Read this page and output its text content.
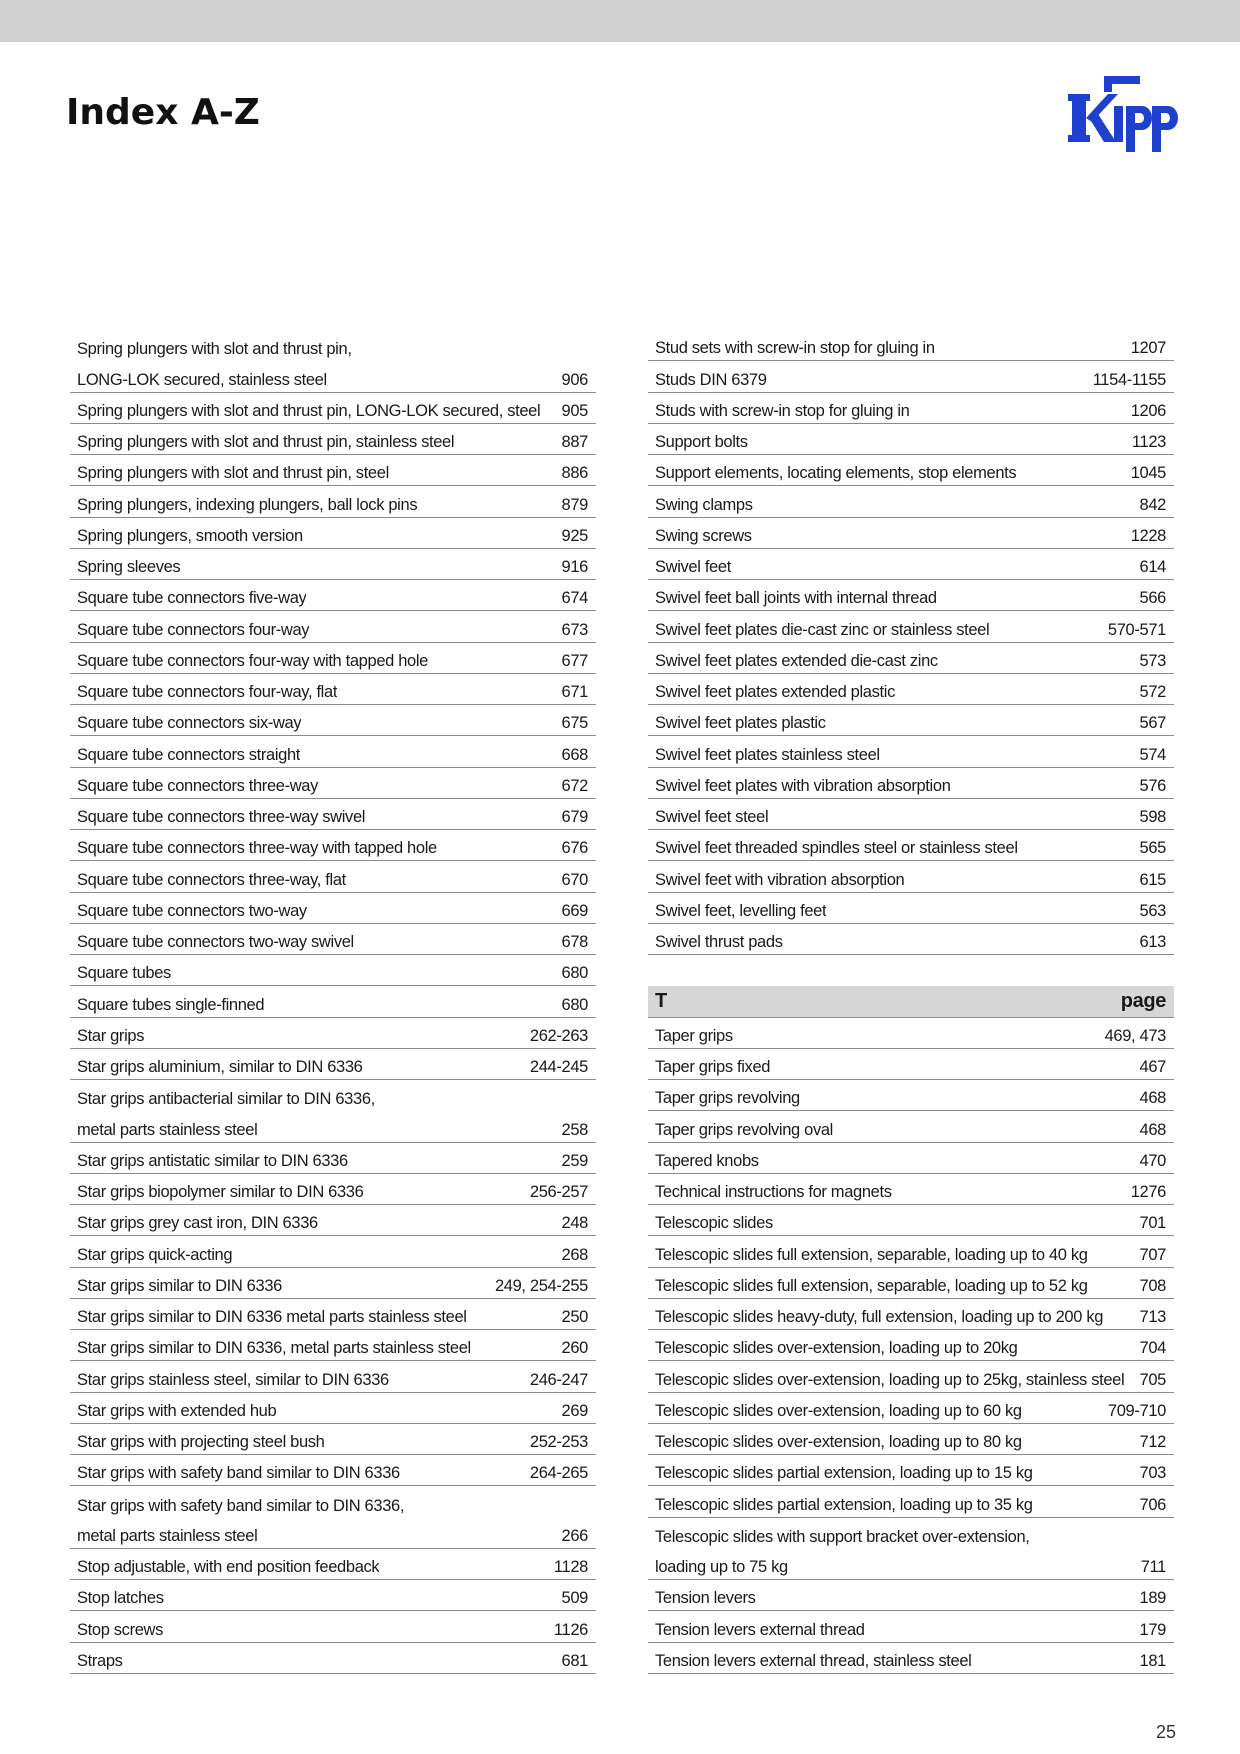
Index A-Z
Spring plungers with slot and thrust pin,
LONG-LOK secured, stainless steel	906
Spring plungers with slot and thrust pin, LONG-LOK secured, steel	905
Spring plungers with slot and thrust pin, stainless steel	887
Spring plungers with slot and thrust pin, steel	886
Spring plungers, indexing plungers, ball lock pins	879
Spring plungers, smooth version	925
Spring sleeves	916
Square tube connectors five-way	674
Square tube connectors four-way	673
Square tube connectors four-way with tapped hole	677
Square tube connectors four-way, flat	671
Square tube connectors six-way	675
Square tube connectors straight	668
Square tube connectors three-way	672
Square tube connectors three-way swivel	679
Square tube connectors three-way with tapped hole	676
Square tube connectors three-way, flat	670
Square tube connectors two-way	669
Square tube connectors two-way swivel	678
Square tubes	680
Square tubes single-finned	680
Star grips	262-263
Star grips aluminium, similar to DIN 6336	244-245
Star grips antibacterial similar to DIN 6336,
metal parts stainless steel	258
Star grips antistatic similar to DIN 6336	259
Star grips biopolymer similar to DIN 6336	256-257
Star grips grey cast iron, DIN 6336	248
Star grips quick-acting	268
Star grips similar to DIN 6336	249, 254-255
Star grips similar to DIN 6336 metal parts stainless steel	250
Star grips similar to DIN 6336, metal parts stainless steel	260
Star grips stainless steel, similar to DIN 6336	246-247
Star grips with extended hub	269
Star grips with projecting steel bush	252-253
Star grips with safety band similar to DIN 6336	264-265
Star grips with safety band similar to DIN 6336,
metal parts stainless steel	266
Stop adjustable, with end position feedback	1128
Stop latches	509
Stop screws	1126
Straps	681
Stud sets with screw-in stop for gluing in	1207
Studs DIN 6379	1154-1155
Studs with screw-in stop for gluing in	1206
Support bolts	1123
Support elements, locating elements, stop elements	1045
Swing clamps	842
Swing screws	1228
Swivel feet	614
Swivel feet ball joints with internal thread	566
Swivel feet plates die-cast zinc or stainless steel	570-571
Swivel feet plates extended die-cast zinc	573
Swivel feet plates extended plastic	572
Swivel feet plates plastic	567
Swivel feet plates stainless steel	574
Swivel feet plates with vibration absorption	576
Swivel feet steel	598
Swivel feet threaded spindles steel or stainless steel	565
Swivel feet with vibration absorption	615
Swivel feet, levelling feet	563
Swivel thrust pads	613
T	page
Taper grips	469, 473
Taper grips fixed	467
Taper grips revolving	468
Taper grips revolving oval	468
Tapered knobs	470
Technical instructions for magnets	1276
Telescopic slides	701
Telescopic slides full extension, separable, loading up to 40 kg	707
Telescopic slides full extension, separable, loading up to 52 kg	708
Telescopic slides heavy-duty, full extension, loading up to 200 kg	713
Telescopic slides over-extension, loading up to 20kg	704
Telescopic slides over-extension, loading up to 25kg, stainless steel 705
Telescopic slides over-extension, loading up to 60 kg	709-710
Telescopic slides over-extension, loading up to 80 kg	712
Telescopic slides partial extension, loading up to 15 kg	703
Telescopic slides partial extension, loading up to 35 kg	706
Telescopic slides with support bracket over-extension,
loading up to 75 kg	711
Tension levers	189
Tension levers external thread	179
Tension levers external thread, stainless steel	181
25
